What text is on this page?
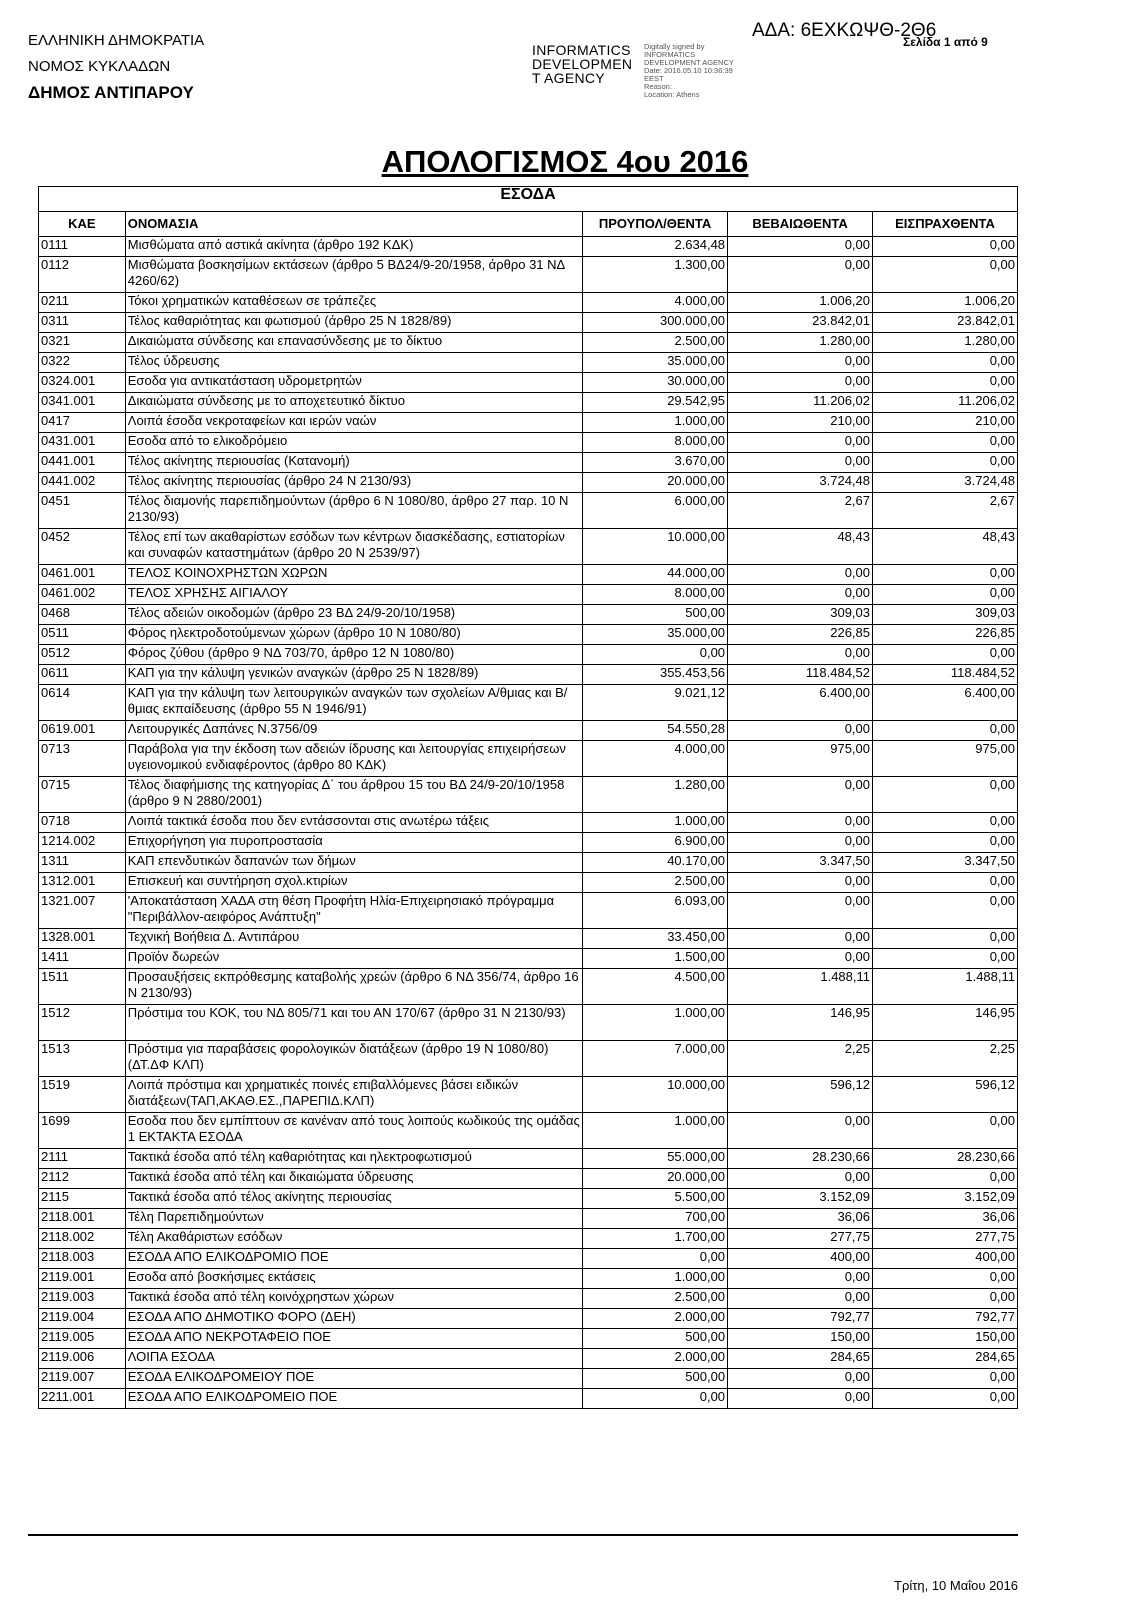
ΕΛΛΗΝΙΚΗ ΔΗΜΟΚΡΑΤΙΑ
ΝΟΜΟΣ ΚΥΚΛΑΔΩΝ
ΔΗΜΟΣ ΑΝΤΙΠΑΡΟΥ
INFORMATICS DEVELOPMEN T AGENCY
Digitally signed by
INFORMATICS
DEVELOPMENT AGENCY
Date: 2016.05.10 10:36:39
EEST
Reason:
Location: Athens
ΑΔΑ: 6ΕΧΚΩΨΘ-2Θ6
Σελίδα 1 από 9
ΑΠΟΛΟΓΙΣΜΟΣ 4ου 2016
ΕΣΟΔΑ				
ΚΑΕ	ΟΝΟΜΑΣΙΑ	ΠΡΟΥΠΟΛ/ΘΕΝΤΑ	ΒΕΒΑΙΩΘΕΝΤΑ	ΕΙΣΠΡΑΧΘΕΝΤΑ
0111	Μισθώματα από αστικά ακίνητα (άρθρο 192 ΚΔΚ)	2.634,48	0,00	0,00
0112	Μισθώματα βοσκησίμων εκτάσεων (άρθρο 5 ΒΔ24/9-20/1958, άρθρο 31 ΝΔ 4260/62)	1.300,00	0,00	0,00
0211	Τόκοι χρηματικών καταθέσεων σε τράπεζες	4.000,00	1.006,20	1.006,20
0311	Τέλος καθαριότητας και φωτισμού (άρθρο 25 Ν 1828/89)	300.000,00	23.842,01	23.842,01
0321	Δικαιώματα σύνδεσης και επανασύνδεσης με το δίκτυο	2.500,00	1.280,00	1.280,00
0322	Τέλος ύδρευσης	35.000,00	0,00	0,00
0324.001	Εσοδα για αντικατάσταση υδρομετρητών	30.000,00	0,00	0,00
0341.001	Δικαιώματα σύνδεσης με το αποχετευτικό δίκτυο	29.542,95	11.206,02	11.206,02
0417	Λοιπά έσοδα νεκροταφείων και ιερών ναών	1.000,00	210,00	210,00
0431.001	Εσοδα από το ελικοδρόμειο	8.000,00	0,00	0,00
0441.001	Τέλος ακίνητης περιουσίας (Κατανομή)	3.670,00	0,00	0,00
0441.002	Τέλος ακίνητης περιουσίας (άρθρο 24 Ν 2130/93)	20.000,00	3.724,48	3.724,48
0451	Τέλος διαμονής παρεπιδημούντων (άρθρο 6 Ν 1080/80, άρθρο 27 παρ. 10 Ν 2130/93)	6.000,00	2,67	2,67
0452	Τέλος επί των ακαθαρίστων εσόδων των κέντρων διασκέδασης, εστιατορίων και συναφών καταστημάτων (άρθρο 20 Ν 2539/97)	10.000,00	48,43	48,43
0461.001	ΤΕΛΟΣ ΚΟΙΝΟΧΡΗΣΤΩΝ ΧΩΡΩΝ	44.000,00	0,00	0,00
0461.002	ΤΕΛΟΣ ΧΡΗΣΗΣ ΑΙΓΙΑΛΟΥ	8.000,00	0,00	0,00
0468	Τέλος αδειών οικοδομών (άρθρο 23 ΒΔ 24/9-20/10/1958)	500,00	309,03	309,03
0511	Φόρος ηλεκτροδοτούμενων χώρων (άρθρο 10 Ν 1080/80)	35.000,00	226,85	226,85
0512	Φόρος ζύθου (άρθρο 9 ΝΔ 703/70, άρθρο 12 Ν 1080/80)	0,00	0,00	0,00
0611	ΚΑΠ για την κάλυψη γενικών αναγκών (άρθρο 25 Ν 1828/89)	355.453,56	118.484,52	118.484,52
0614	ΚΑΠ για την κάλυψη των λειτουργικών αναγκών των σχολείων Α/θμιας και Β/θμιας εκπαίδευσης (άρθρο 55 Ν 1946/91)	9.021,12	6.400,00	6.400,00
0619.001	Λειτουργικές Δαπάνες Ν.3756/09	54.550,28	0,00	0,00
0713	Παράβολα για την έκδοση των αδειών ίδρυσης και λειτουργίας επιχειρήσεων υγειονομικού ενδιαφέροντος (άρθρο 80 ΚΔΚ)	4.000,00	975,00	975,00
0715	Τέλος διαφήμισης της κατηγορίας Δ΄ του άρθρου 15 του ΒΔ 24/9-20/10/1958 (άρθρο 9 Ν 2880/2001)	1.280,00	0,00	0,00
0718	Λοιπά τακτικά έσοδα που δεν εντάσσονται στις ανωτέρω τάξεις	1.000,00	0,00	0,00
1214.002	Επιχορήγηση για πυροπροστασία	6.900,00	0,00	0,00
1311	ΚΑΠ επενδυτικών δαπανών των δήμων	40.170,00	3.347,50	3.347,50
1312.001	Επισκευή και συντήρηση σχολ.κτιρίων	2.500,00	0,00	0,00
1321.007	'Αποκατάσταση ΧΑΔΑ στη θέση Προφήτη Ηλία-Επιχειρησιακό πρόγραμμα "Περιβάλλον-αειφόρος Ανάπτυξη"	6.093,00	0,00	0,00
1328.001	Τεχνική Βοήθεια Δ. Αντιπάρου	33.450,00	0,00	0,00
1411	Προϊόν δωρεών	1.500,00	0,00	0,00
1511	Προσαυξήσεις εκπρόθεσμης καταβολής χρεών (άρθρο 6 ΝΔ 356/74, άρθρο 16 Ν 2130/93)	4.500,00	1.488,11	1.488,11
1512	Πρόστιμα του ΚΟΚ, του ΝΔ 805/71 και του ΑΝ 170/67 (άρθρο 31 Ν 2130/93)	1.000,00	146,95	146,95
1513	Πρόστιμα για παραβάσεις φορολογικών διατάξεων (άρθρο 19 Ν 1080/80)(ΔΤ.ΔΦ ΚΛΠ)	7.000,00	2,25	2,25
1519	Λοιπά πρόστιμα και χρηματικές ποινές επιβαλλόμενες βάσει ειδικών διατάξεων(ΤΑΠ,ΑΚΑΘ.ΕΣ.,ΠΑΡΕΠΙΔ.ΚΛΠ)	10.000,00	596,12	596,12
1699	Εσοδα που δεν εμπίπτουν σε κανέναν από τους λοιπούς κωδικούς της ομάδας 1 ΕΚΤΑΚΤΑ ΕΣΟΔΑ	1.000,00	0,00	0,00
2111	Τακτικά έσοδα από τέλη καθαριότητας και ηλεκτροφωτισμού	55.000,00	28.230,66	28.230,66
2112	Τακτικά έσοδα από τέλη και δικαιώματα ύδρευσης	20.000,00	0,00	0,00
2115	Τακτικά έσοδα από τέλος ακίνητης περιουσίας	5.500,00	3.152,09	3.152,09
2118.001	Τέλη Παρεπιδημούντων	700,00	36,06	36,06
2118.002	Τέλη Ακαθάριστων εσόδων	1.700,00	277,75	277,75
2118.003	ΕΣΟΔΑ ΑΠΟ ΕΛΙΚΟΔΡΟΜΙΟ ΠΟΕ	0,00	400,00	400,00
2119.001	Εσοδα από βοσκήσιμες εκτάσεις	1.000,00	0,00	0,00
2119.003	Τακτικά έσοδα από τέλη κοινόχρηστων χώρων	2.500,00	0,00	0,00
2119.004	ΕΣΟΔΑ ΑΠΟ ΔΗΜΟΤΙΚΟ ΦΟΡΟ (ΔΕΗ)	2.000,00	792,77	792,77
2119.005	ΕΣΟΔΑ ΑΠΟ ΝΕΚΡΟΤΑΦΕΙΟ ΠΟΕ	500,00	150,00	150,00
2119.006	ΛΟΙΠΑ ΕΣΟΔΑ	2.000,00	284,65	284,65
2119.007	ΕΣΟΔΑ ΕΛΙΚΟΔΡΟΜΕΙΟΥ ΠΟΕ	500,00	0,00	0,00
2211.001	ΕΣΟΔΑ ΑΠΟ ΕΛΙΚΟΔΡΟΜΕΙΟ ΠΟΕ	0,00	0,00	0,00
Τρίτη, 10 Μαΐου 2016
